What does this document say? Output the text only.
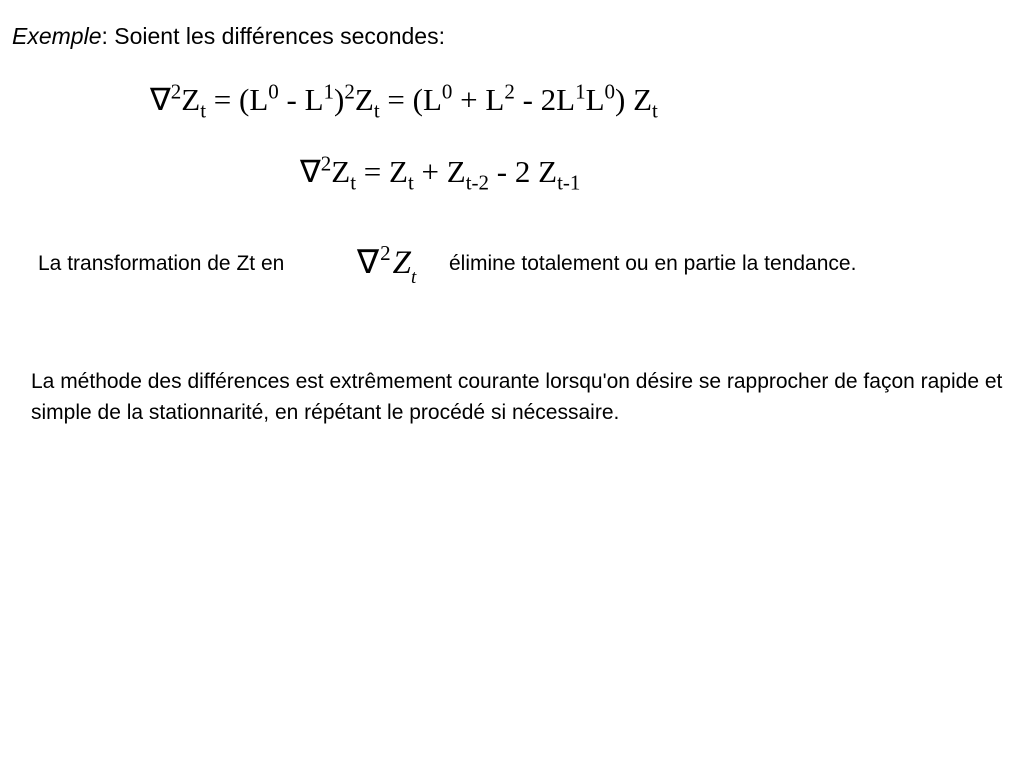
Exemple: Soient les différences secondes:
$\nabla^2Z_t = (L^0 - L^1)^2Z_t = (L^0 + L^2 - 2L^1L^0)$ $Z_t$
$\nabla^2Z_t = Z_t + Z_{t-2} - 2$ $Z_{t-1}$
La transformation de Zt en $\nabla^2Z_t$
élimine totalement ou en partie la tendance.
La méthode des différences est extrêmement courante lorsqu'on désire se rapprocher de façon rapide et simple de la stationnarité, en répétant le procédé si nécessaire.
